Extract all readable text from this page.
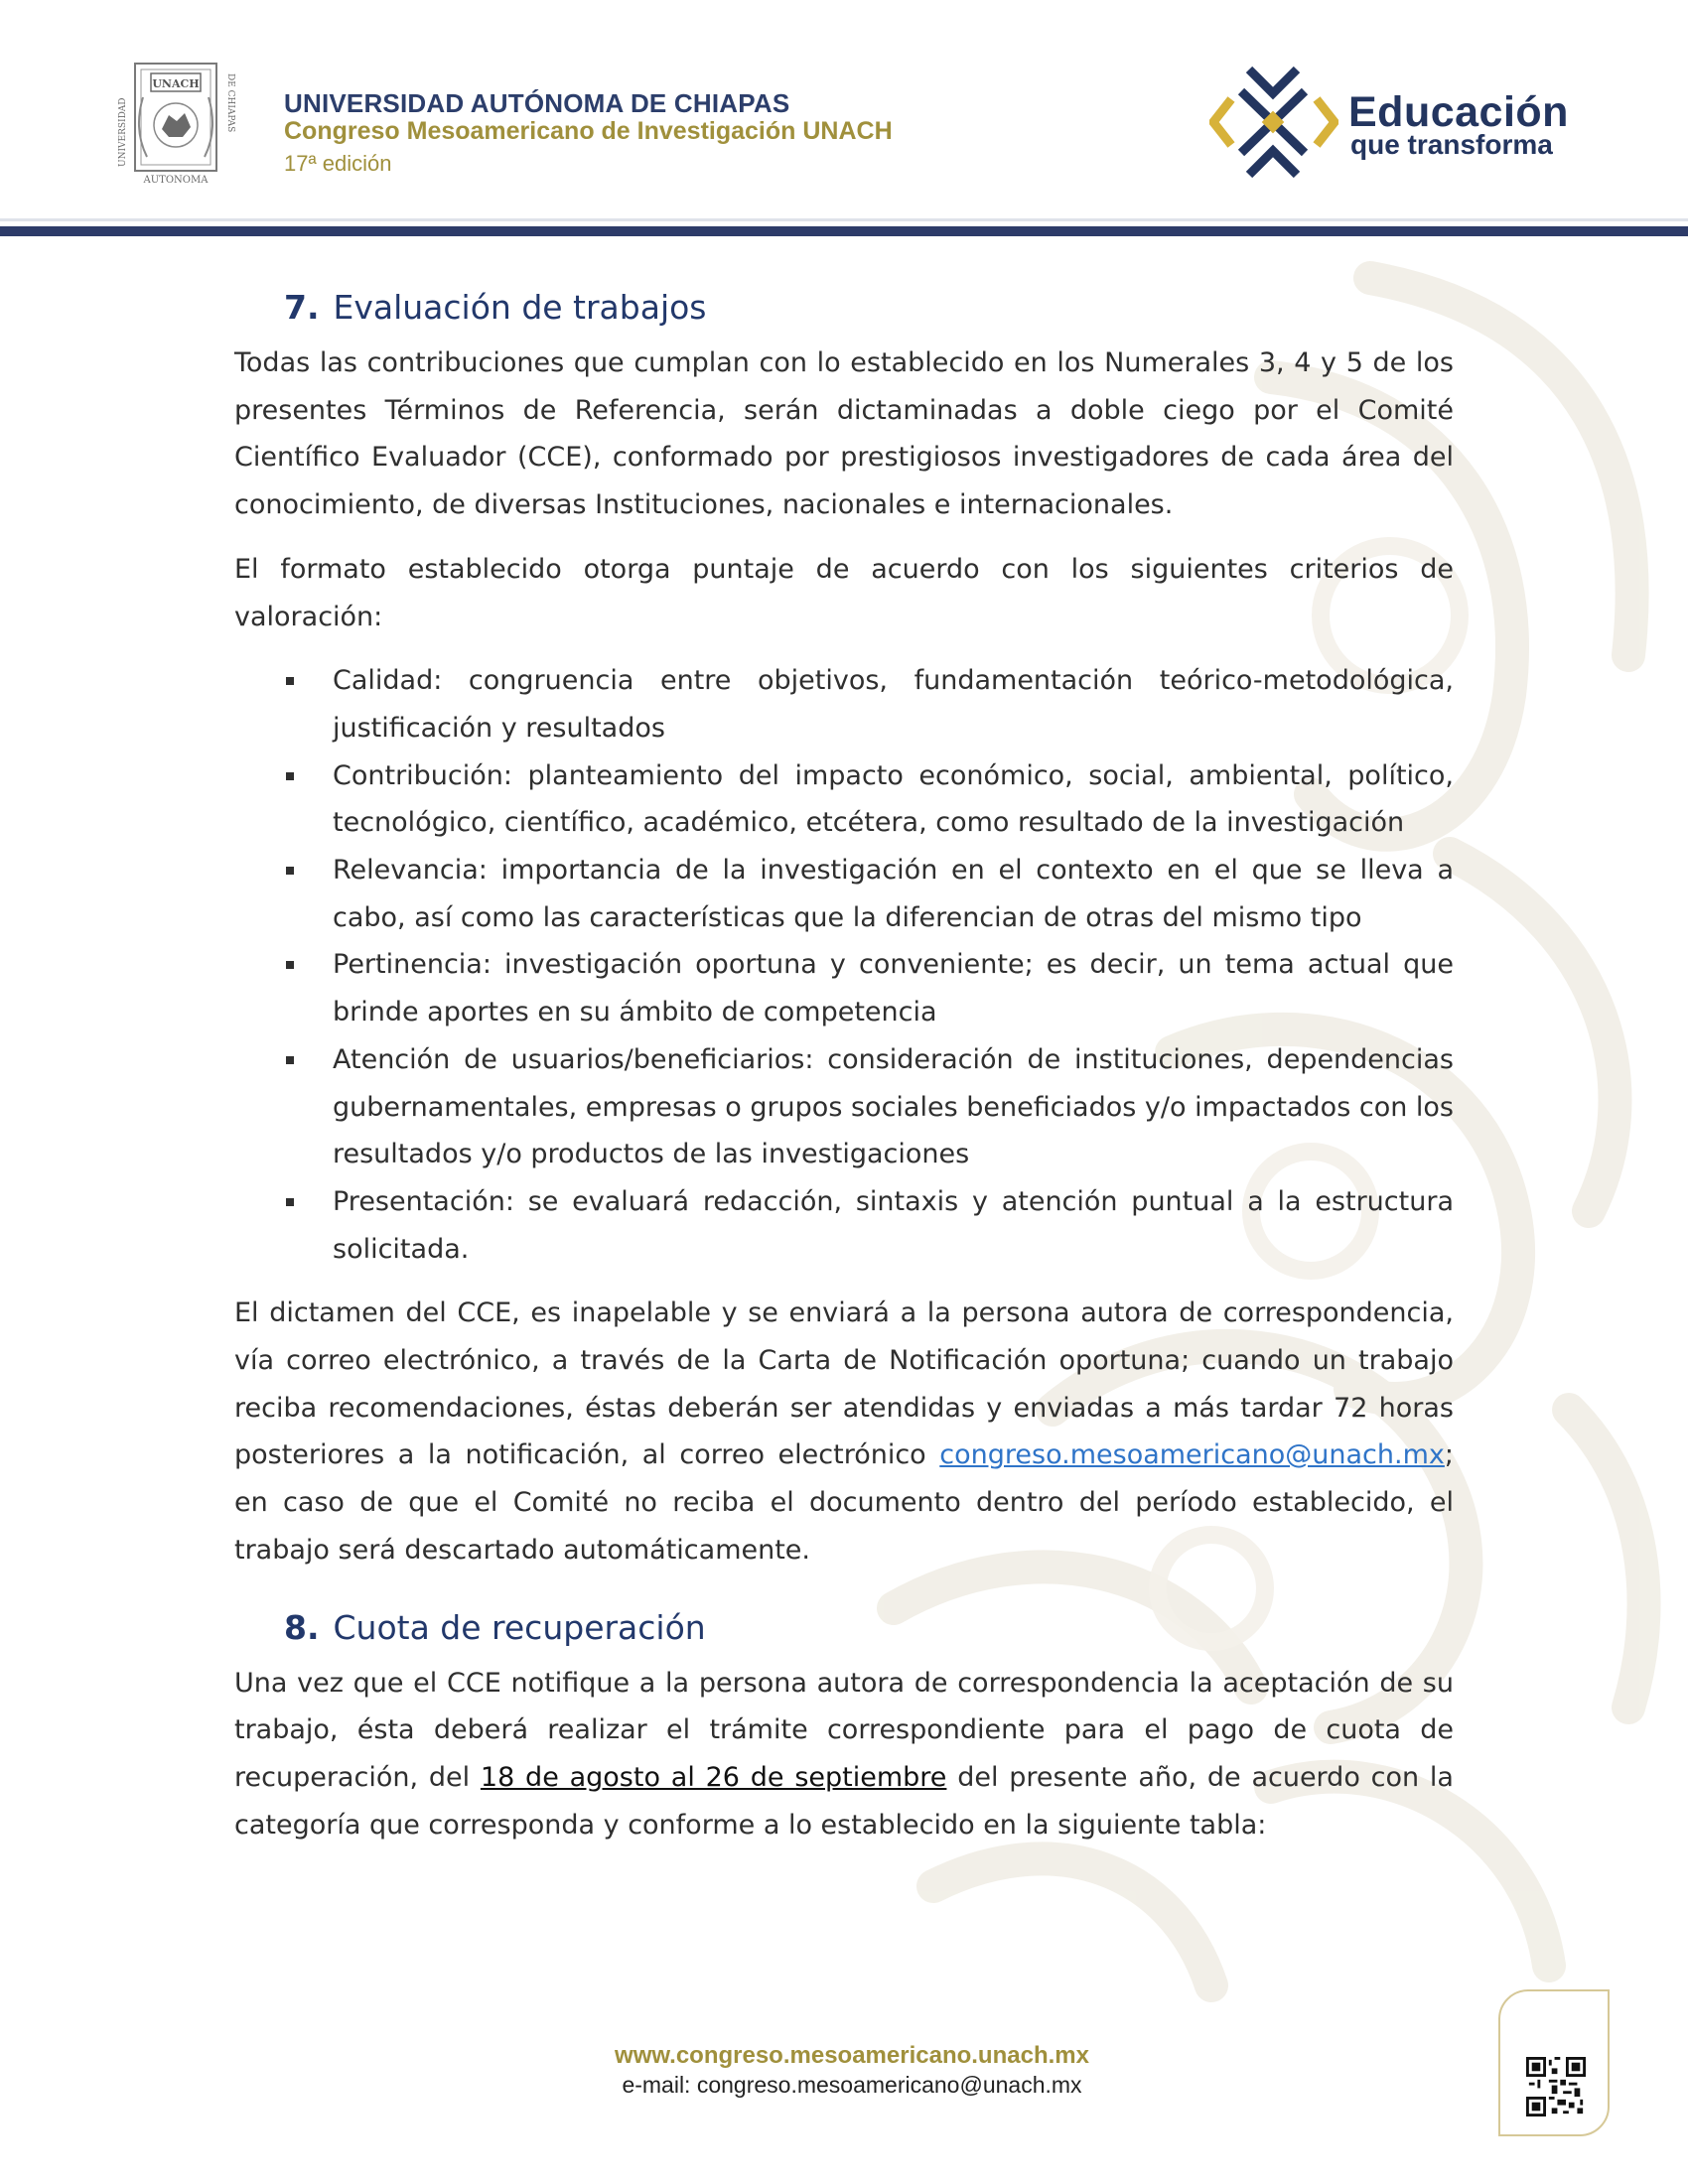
UNACH
UNIVERSIDAD	DE CHIAPAS
AUTONOMA
UNIVERSIDAD AUTÓNOMA DE CHIAPAS
Congreso Mesoamericano de Investigación UNACH
17ª edición
Educación
que transforma
7. Evaluación de trabajos

Todas las contribuciones que cumplan con lo establecido en los Numerales 3, 4 y 5 de los presentes Términos de Referencia, serán dictaminadas a doble ciego por el Comité Científico Evaluador (CCE), conformado por prestigiosos investigadores de cada área del conocimiento, de diversas Instituciones, nacionales e internacionales.

El formato establecido otorga puntaje de acuerdo con los siguientes criterios de valoración:

Calidad: congruencia entre objetivos, fundamentación teórico-metodológica, justificación y resultados
Contribución: planteamiento del impacto económico, social, ambiental, político, tecnológico, científico, académico, etcétera, como resultado de la investigación
Relevancia: importancia de la investigación en el contexto en el que se lleva a cabo, así como las características que la diferencian de otras del mismo tipo
Pertinencia: investigación oportuna y conveniente; es decir, un tema actual que brinde aportes en su ámbito de competencia
Atención de usuarios/beneficiarios: consideración de instituciones, dependencias gubernamentales, empresas o grupos sociales beneficiados y/o impactados con los resultados y/o productos de las investigaciones
Presentación: se evaluará redacción, sintaxis y atención puntual a la estructura solicitada.

El dictamen del CCE, es inapelable y se enviará a la persona autora de correspondencia, vía correo electrónico, a través de la Carta de Notificación oportuna; cuando un trabajo reciba recomendaciones, éstas deberán ser atendidas y enviadas a más tardar 72 horas posteriores a la notificación, al correo electrónico congreso.mesoamericano@unach.mx; en caso de que el Comité no reciba el documento dentro del período establecido, el trabajo será descartado automáticamente.

8. Cuota de recuperación

Una vez que el CCE notifique a la persona autora de correspondencia la aceptación de su trabajo, ésta deberá realizar el trámite correspondiente para el pago de cuota de recuperación, del 18 de agosto al 26 de septiembre del presente año, de acuerdo con la categoría que corresponda y conforme a lo establecido en la siguiente tabla:

www.congreso.mesoamericano.unach.mx
e-mail: congreso.mesoamericano@unach.mx
